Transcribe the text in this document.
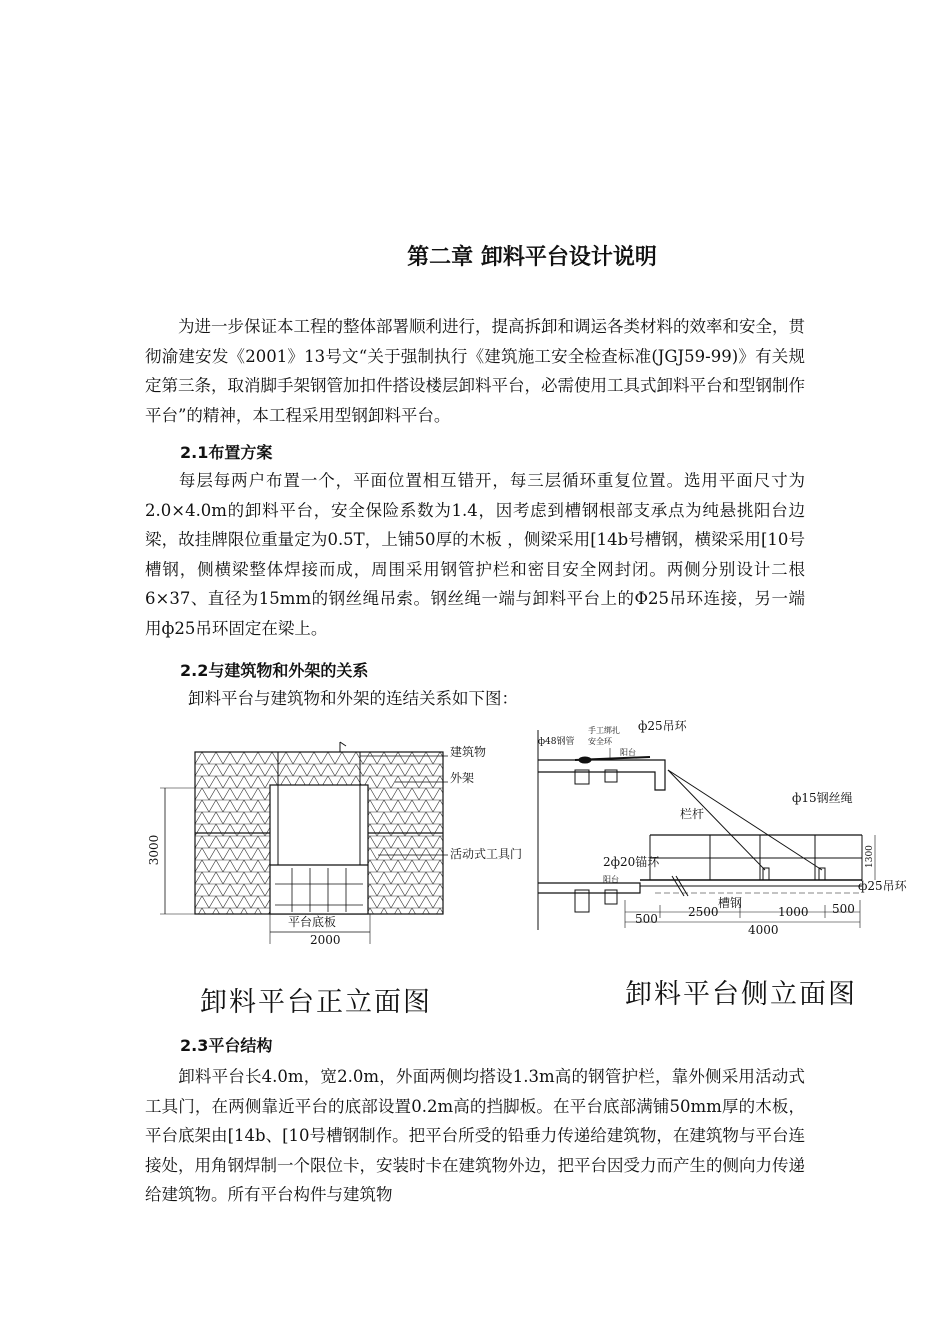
第二章 卸料平台设计说明

为进一步保证本工程的整体部署顺利进行，提高拆卸和调运各类材料的效率和安全，贯彻渝建安发《2001》13号文“关于强制执行《建筑施工安全检查标准(JGJ59-99)》有关规定第三条，取消脚手架钢管加扣件搭设楼层卸料平台，必需使用工具式卸料平台和型钢制作平台”的精神，本工程采用型钢卸料平台。

2.1布置方案

每层每两户布置一个，平面位置相互错开，每三层循环重复位置。选用平面尺寸为2.0×4.0m的卸料平台，安全保险系数为1.4，因考虑到槽钢根部支承点为纯悬挑阳台边梁，故挂牌限位重量定为0.5T，上铺50厚的木板 ，侧梁采用[14b号槽钢，横梁采用[10号槽钢，侧横梁整体焊接而成，周围采用钢管护栏和密目安全网封闭。两侧分别设计二根6×37、直径为15mm的钢丝绳吊索。钢丝绳一端与卸料平台上的Φ25吊环连接，另一端用ф25吊环固定在梁上。

2.2与建筑物和外架的关系
卸料平台与建筑物和外架的连结关系如下图：
建筑物
外架
活动式工具门
3000
平台底板
2000
ф48钢管
手工绑扎
安全环
ф25吊环
阳台
ф15钢丝绳
栏杆
2ф20锚环
阳台	ф25吊环
槽钢
1300
2500	1000 500
500
4000
卸料平台正立面图	卸料平台侧立面图
2.3平台结构

卸料平台长4.0m，宽2.0m，外面两侧均搭设1.3m高的钢管护栏，靠外侧采用活动式工具门，在两侧靠近平台的底部设置0.2m高的挡脚板。在平台底部满铺50mm厚的木板，平台底架由[14b、[10号槽钢制作。把平台所受的铅垂力传递给建筑物，在建筑物与平台连接处，用角钢焊制一个限位卡，安装时卡在建筑物外边，把平台因受力而产生的侧向力传递给建筑物。所有平台构件与建筑物
